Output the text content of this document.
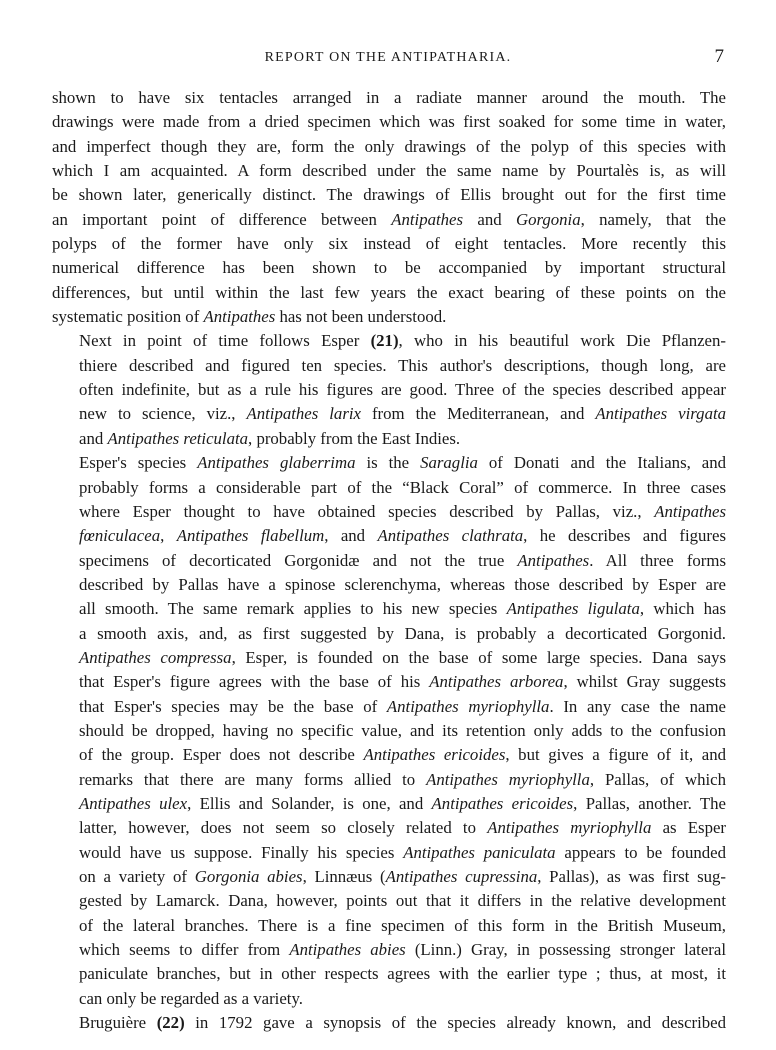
REPORT ON THE ANTIPATHARIA.	7

shown to have six tentacles arranged in a radiate manner around the mouth. The
drawings were made from a dried specimen which was first soaked for some time in water,
and imperfect though they are, form the only drawings of the polyp of this species with
which I am acquainted. A form described under the same name by Pourtalès is, as will
be shown later, generically distinct. The drawings of Ellis brought out for the first time
an important point of difference between Antipathes and Gorgonia, namely, that the
polyps of the former have only six instead of eight tentacles. More recently this
numerical difference has been shown to be accompanied by important structural
differences, but until within the last few years the exact bearing of these points on the
systematic position of Antipathes has not been understood.

Next in point of time follows Esper (21), who in his beautiful work Die Pflanzen-
thiere described and figured ten species. This author's descriptions, though long, are
often indefinite, but as a rule his figures are good. Three of the species described appear
new to science, viz., Antipathes larix from the Mediterranean, and Antipathes virgata
and Antipathes reticulata, probably from the East Indies.

Esper's species Antipathes glaberrima is the Saraglia of Donati and the Italians, and
probably forms a considerable part of the “Black Coral” of commerce. In three cases
where Esper thought to have obtained species described by Pallas, viz., Antipathes
fœniculacea, Antipathes flabellum, and Antipathes clathrata, he describes and figures
specimens of decorticated Gorgonidæ and not the true Antipathes. All three forms
described by Pallas have a spinose sclerenchyma, whereas those described by Esper are
all smooth. The same remark applies to his new species Antipathes ligulata, which has
a smooth axis, and, as first suggested by Dana, is probably a decorticated Gorgonid.
Antipathes compressa, Esper, is founded on the base of some large species. Dana says
that Esper's figure agrees with the base of his Antipathes arborea, whilst Gray suggests
that Esper's species may be the base of Antipathes myriophylla. In any case the name
should be dropped, having no specific value, and its retention only adds to the confusion
of the group. Esper does not describe Antipathes ericoides, but gives a figure of it, and
remarks that there are many forms allied to Antipathes myriophylla, Pallas, of which
Antipathes ulex, Ellis and Solander, is one, and Antipathes ericoides, Pallas, another. The
latter, however, does not seem so closely related to Antipathes myriophylla as Esper
would have us suppose. Finally his species Antipathes paniculata appears to be founded
on a variety of Gorgonia abies, Linnæus (Antipathes cupressina, Pallas), as was first sug-
gested by Lamarck. Dana, however, points out that it differs in the relative development
of the lateral branches. There is a fine specimen of this form in the British Museum,
which seems to differ from Antipathes abies (Linn.) Gray, in possessing stronger lateral
paniculate branches, but in other respects agrees with the earlier type ; thus, at most, it
can only be regarded as a variety.

Bruguière (22) in 1792 gave a synopsis of the species already known, and described
